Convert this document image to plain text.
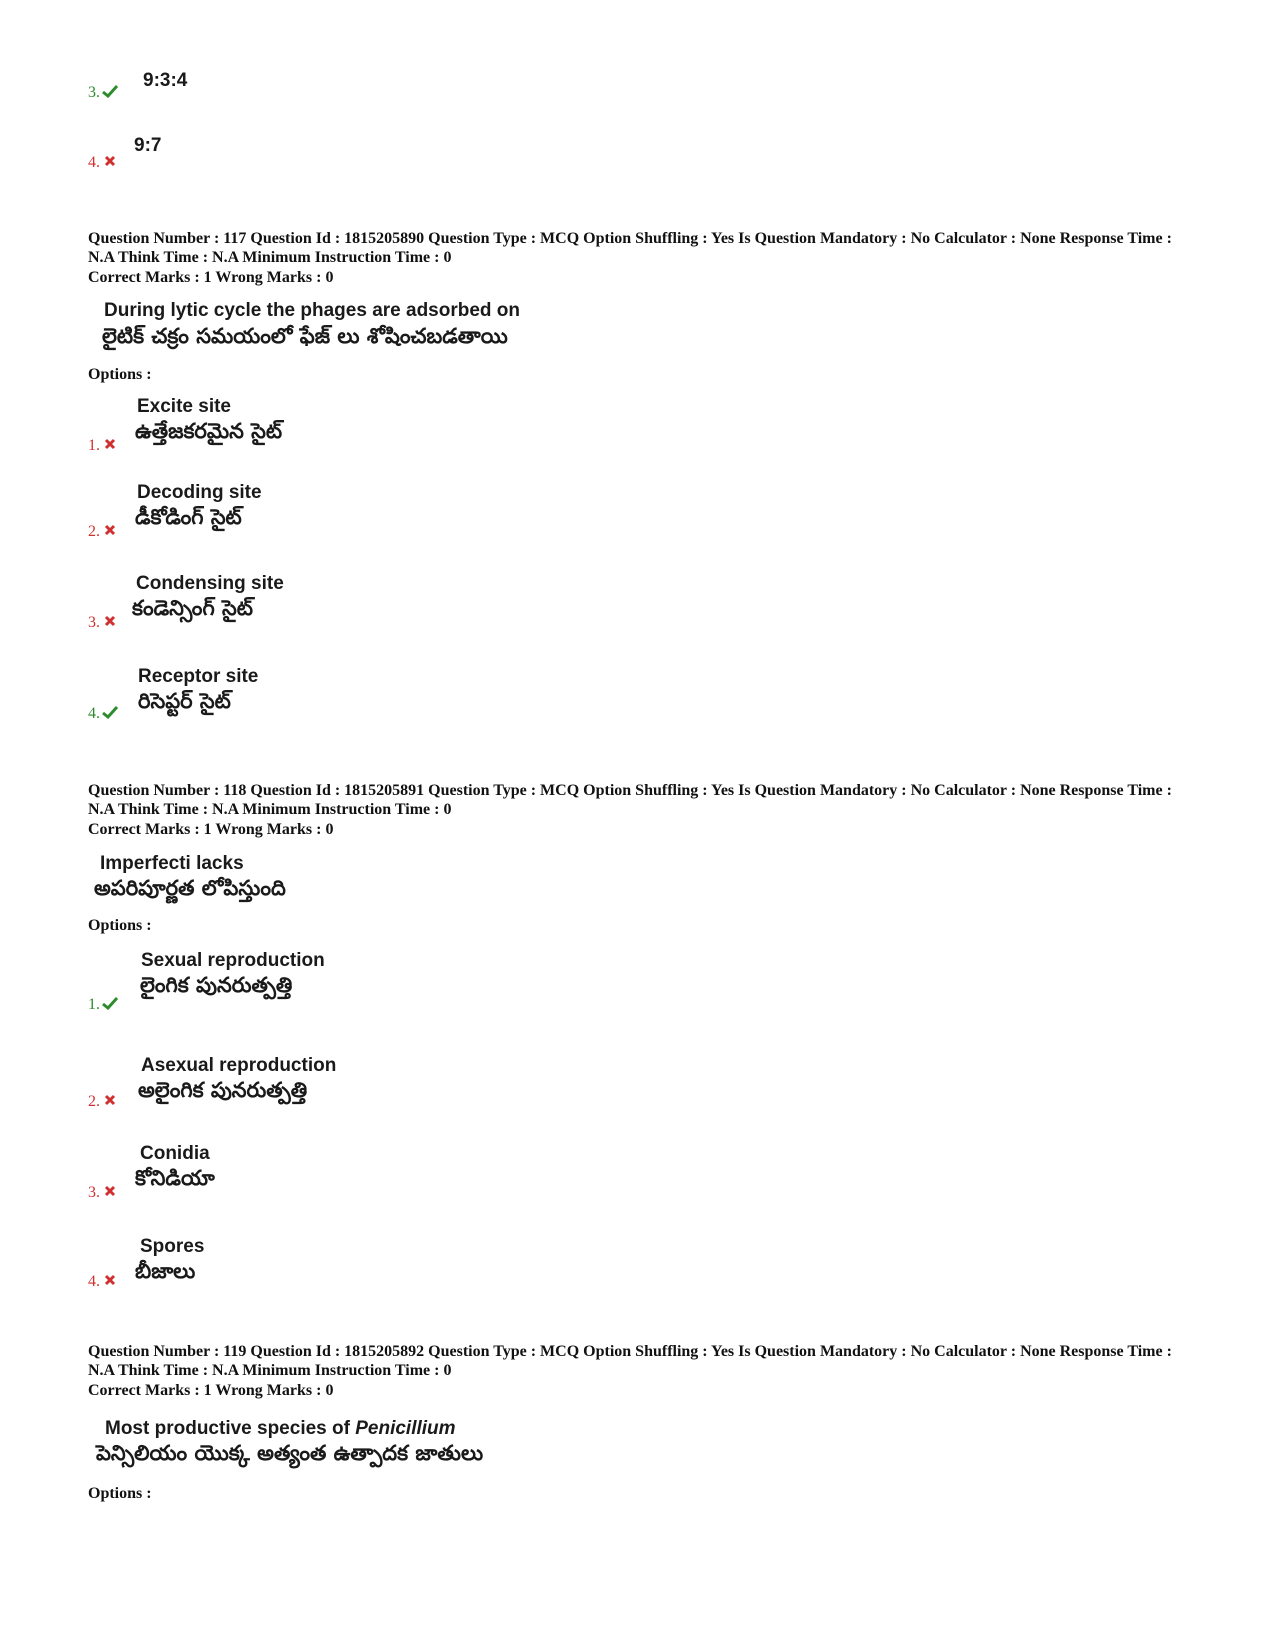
3.
9:3:4
4.
9:7
Question Number : 117 Question Id : 1815205890 Question Type : MCQ Option Shuffling : Yes Is Question Mandatory : No Calculator : None Response Time : N.A Think Time : N.A Minimum Instruction Time : 0
Correct Marks : 1 Wrong Marks : 0
During lytic cycle the phages are adsorbed on
లైటిక్ చక్రం సమయంలో ఫేజ్ లు శోషించబడతాయి
Options :
1.
Excite site
ఉత్తేజకరమైన సైట్
2.
Decoding site
డీకోడింగ్ సైట్
3.
Condensing site
కండెన్సింగ్ సైట్
4.
Receptor site
రిసెప్టర్ సైట్
Question Number : 118 Question Id : 1815205891 Question Type : MCQ Option Shuffling : Yes Is Question Mandatory : No Calculator : None Response Time : N.A Think Time : N.A Minimum Instruction Time : 0
Correct Marks : 1 Wrong Marks : 0
Imperfecti lacks
అపరిపూర్ణత లోపిస్తుంది
Options :
1.
Sexual reproduction
లైంగిక పునరుత్పత్తి
2.
Asexual reproduction
అలైంగిక పునరుత్పత్తి
3.
Conidia
కోనిడియా
4.
Spores
బీజాలు
Question Number : 119 Question Id : 1815205892 Question Type : MCQ Option Shuffling : Yes Is Question Mandatory : No Calculator : None Response Time : N.A Think Time : N.A Minimum Instruction Time : 0
Correct Marks : 1 Wrong Marks : 0
Most productive species of Penicillium
పెన్సిలియం యొక్క అత్యంత ఉత్పాదక జాతులు
Options :
